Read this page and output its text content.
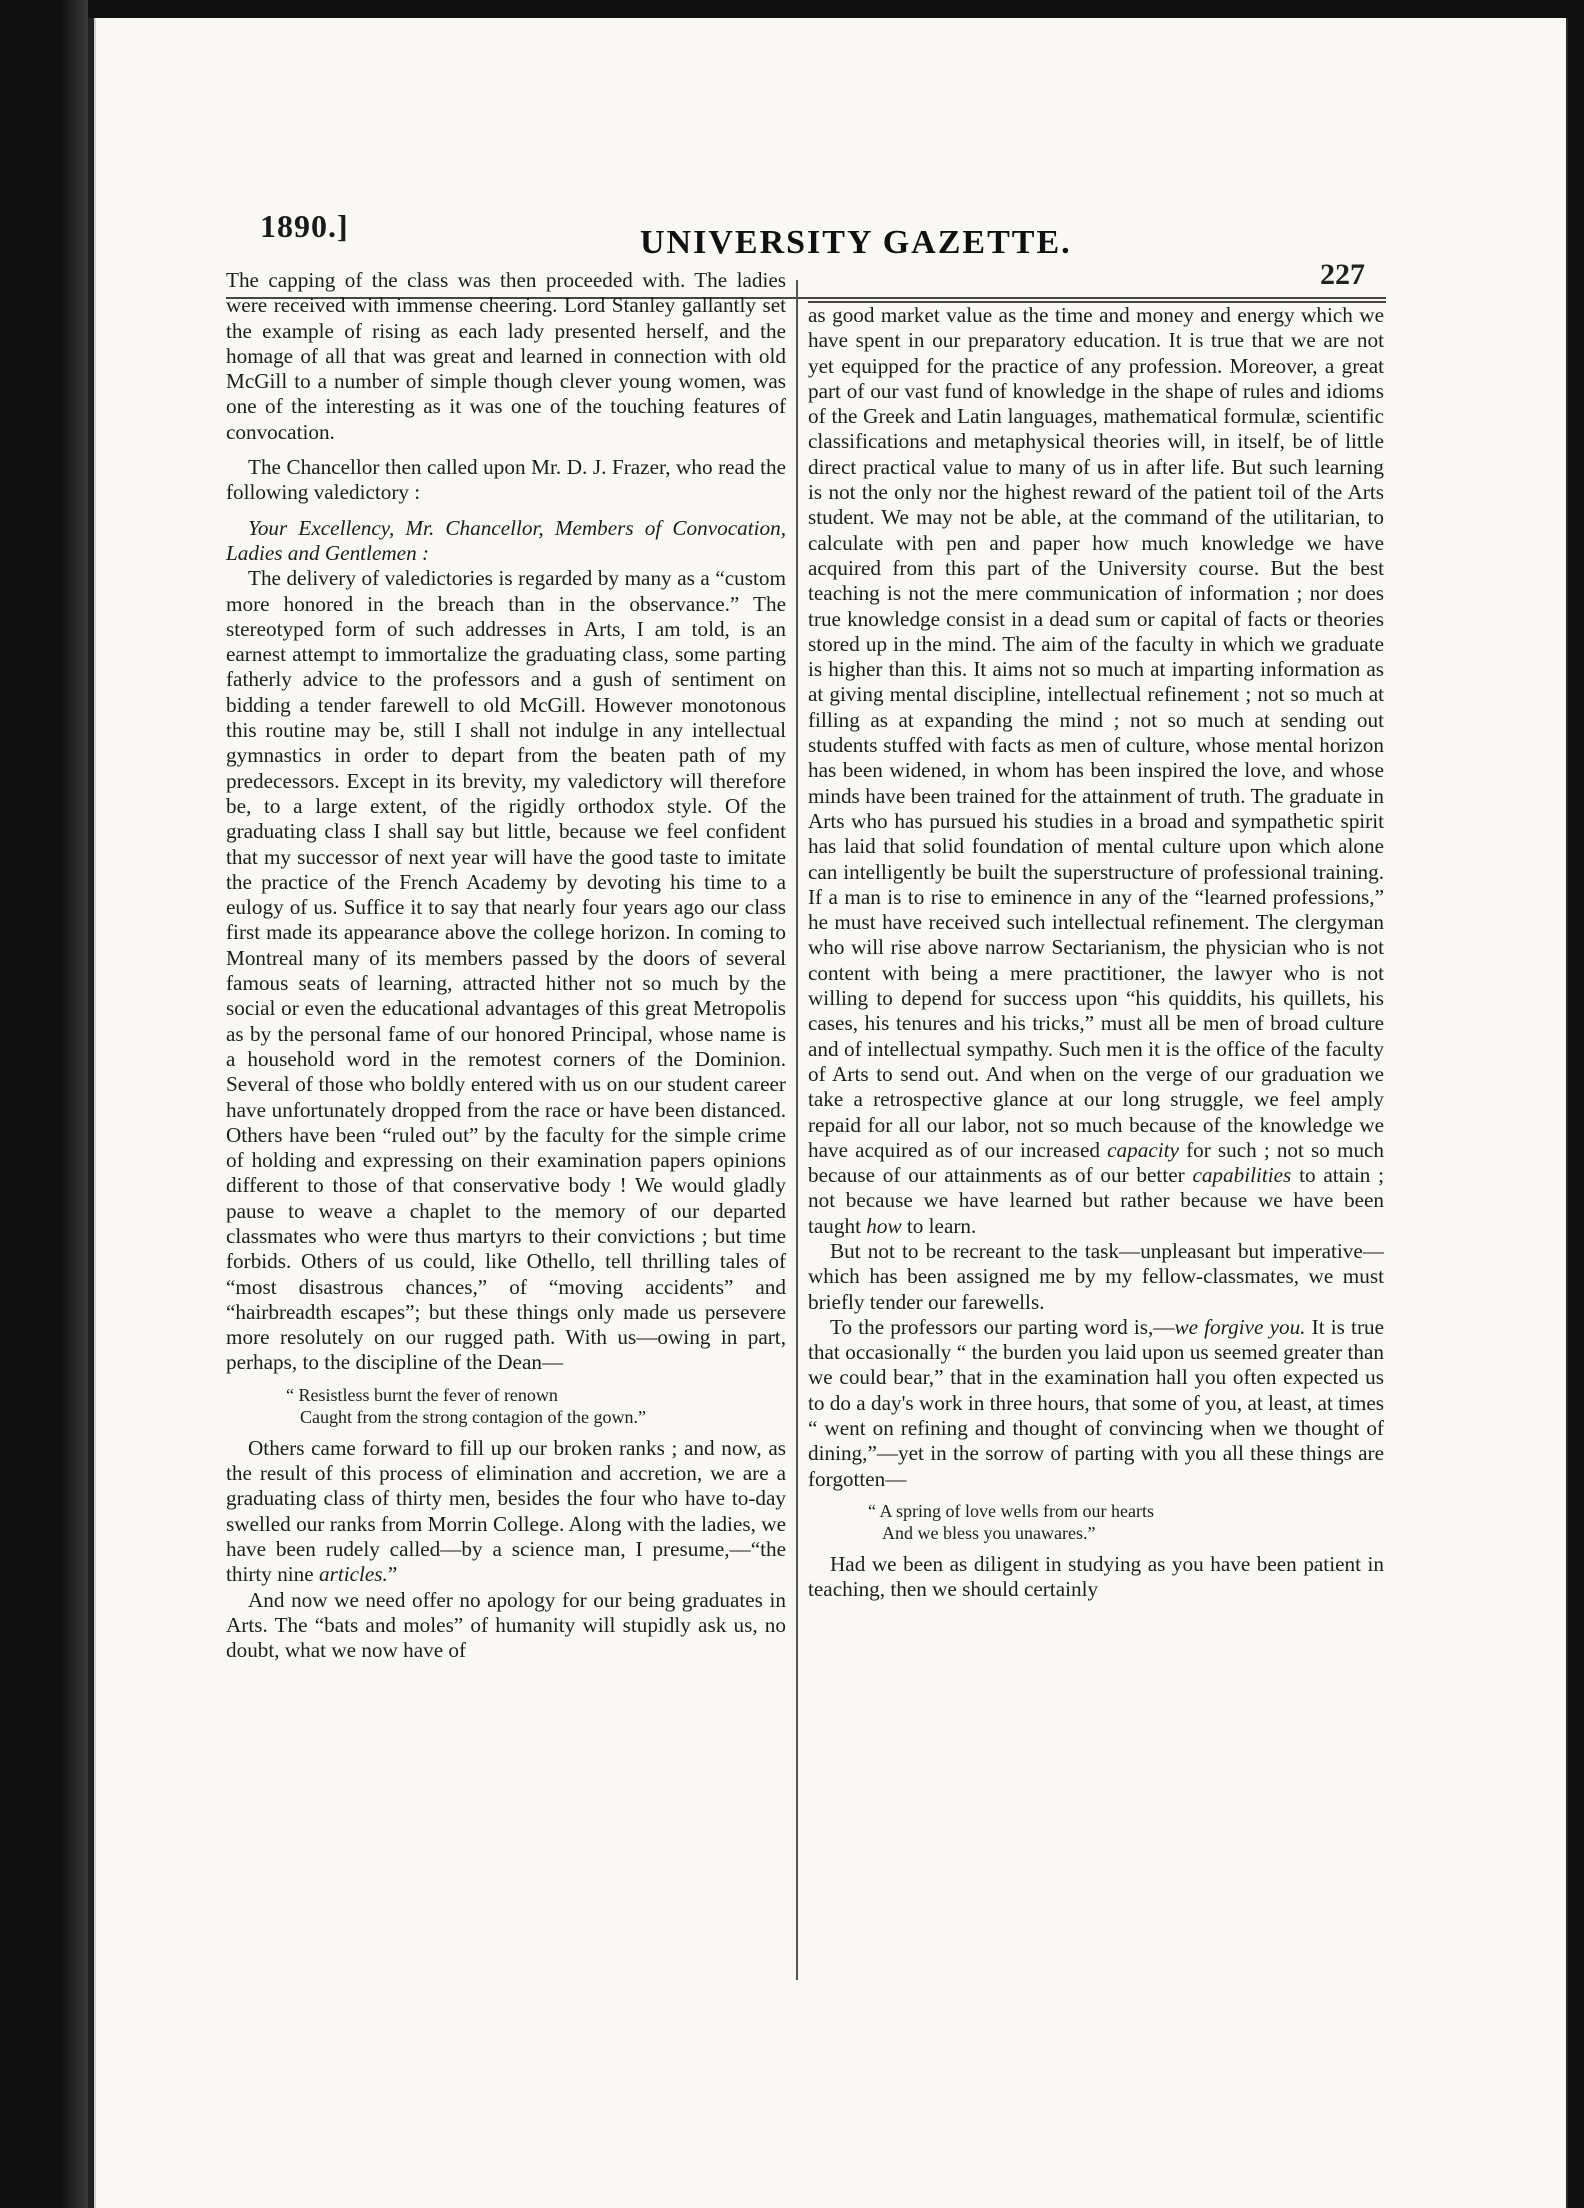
1890.]	UNIVERSITY GAZETTE.
227

The capping of the class was then proceeded with. The ladies were received with immense cheering. Lord Stanley gallantly set the example of rising as each lady presented herself, and the homage of all that was great and learned in connection with old McGill to a number of simple though clever young women, was one of the interesting as it was one of the touching features of convocation.

The Chancellor then called upon Mr. D. J. Frazer, who read the following valedictory :

Your Excellency, Mr. Chancellor, Members of Convocation, Ladies and Gentlemen :

The delivery of valedictories is regarded by many as a “custom more honored in the breach than in the observance.” The stereotyped form of such addresses in Arts, I am told, is an earnest attempt to immortalize the graduating class, some parting fatherly advice to the professors and a gush of sentiment on bidding a tender farewell to old McGill. However monotonous this routine may be, still I shall not indulge in any intellectual gymnastics in order to depart from the beaten path of my predecessors. Except in its brevity, my valedictory will therefore be, to a large extent, of the rigidly orthodox style. Of the graduating class I shall say but little, because we feel confident that my successor of next year will have the good taste to imitate the practice of the French Academy by devoting his time to a eulogy of us. Suffice it to say that nearly four years ago our class first made its appearance above the college horizon. In coming to Montreal many of its members passed by the doors of several famous seats of learning, attracted hither not so much by the social or even the educational advantages of this great Metropolis as by the personal fame of our honored Principal, whose name is a household word in the remotest corners of the Dominion. Several of those who boldly entered with us on our student career have unfortunately dropped from the race or have been distanced. Others have been “ruled out” by the faculty for the simple crime of holding and expressing on their examination papers opinions different to those of that conservative body ! We would gladly pause to weave a chaplet to the memory of our departed classmates who were thus martyrs to their convictions ; but time forbids. Others of us could, like Othello, tell thrilling tales of “most disastrous chances,” of “moving accidents” and “hairbreadth escapes”; but these things only made us persevere more resolutely on our rugged path. With us—owing in part, perhaps, to the discipline of the Dean—

“ Resistless burnt the fever of renown
Caught from the strong contagion of the gown.”

Others came forward to fill up our broken ranks ; and now, as the result of this process of elimination and accretion, we are a graduating class of thirty men, besides the four who have to-day swelled our ranks from Morrin College. Along with the ladies, we have been rudely called—by a science man, I presume,—“the thirty nine articles.”

And now we need offer no apology for our being graduates in Arts. The “bats and moles” of humanity will stupidly ask us, no doubt, what we now have of

as good market value as the time and money and energy which we have spent in our preparatory education. It is true that we are not yet equipped for the practice of any profession. Moreover, a great part of our vast fund of knowledge in the shape of rules and idioms of the Greek and Latin languages, mathematical formulæ, scientific classifications and metaphysical theories will, in itself, be of little direct practical value to many of us in after life. But such learning is not the only nor the highest reward of the patient toil of the Arts student. We may not be able, at the command of the utilitarian, to calculate with pen and paper how much knowledge we have acquired from this part of the University course. But the best teaching is not the mere communication of information ; nor does true knowledge consist in a dead sum or capital of facts or theories stored up in the mind. The aim of the faculty in which we graduate is higher than this. It aims not so much at imparting information as at giving mental discipline, intellectual refinement ; not so much at filling as at expanding the mind ; not so much at sending out students stuffed with facts as men of culture, whose mental horizon has been widened, in whom has been inspired the love, and whose minds have been trained for the attainment of truth. The graduate in Arts who has pursued his studies in a broad and sympathetic spirit has laid that solid foundation of mental culture upon which alone can intelligently be built the superstructure of professional training. If a man is to rise to eminence in any of the “learned professions,” he must have received such intellectual refinement. The clergyman who will rise above narrow Sectarianism, the physician who is not content with being a mere practitioner, the lawyer who is not willing to depend for success upon “his quiddits, his quillets, his cases, his tenures and his tricks,” must all be men of broad culture and of intellectual sympathy. Such men it is the office of the faculty of Arts to send out. And when on the verge of our graduation we take a retrospective glance at our long struggle, we feel amply repaid for all our labor, not so much because of the knowledge we have acquired as of our increased capacity for such ; not so much because of our attainments as of our better capabilities to attain ; not because we have learned but rather because we have been taught how to learn.

But not to be recreant to the task—unpleasant but imperative—which has been assigned me by my fellow-classmates, we must briefly tender our farewells.

To the professors our parting word is,—we forgive you. It is true that occasionally “ the burden you laid upon us seemed greater than we could bear,” that in the examination hall you often expected us to do a day's work in three hours, that some of you, at least, at times “ went on refining and thought of convincing when we thought of dining,”—yet in the sorrow of parting with you all these things are forgotten—

“ A spring of love wells from our hearts
And we bless you unawares.”

Had we been as diligent in studying as you have been patient in teaching, then we should certainly
